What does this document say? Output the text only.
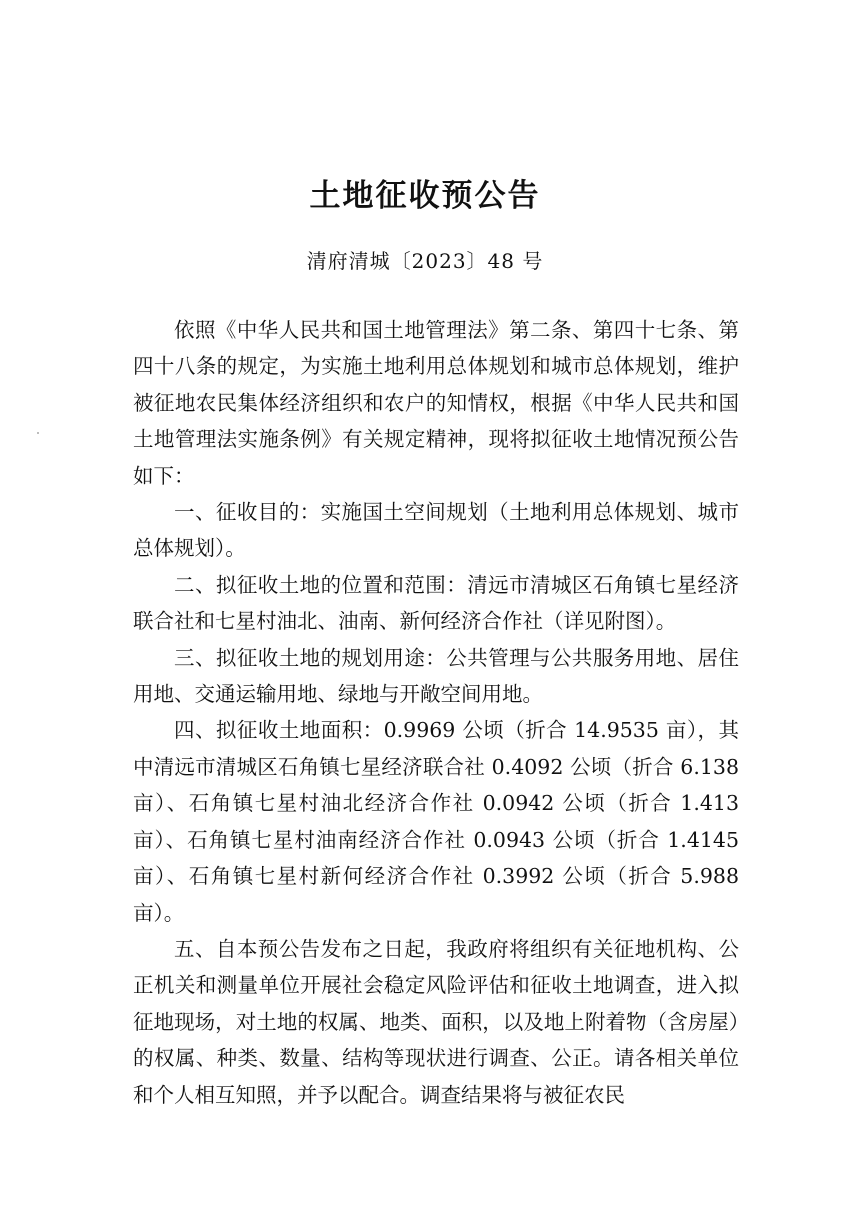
土地征收预公告
清府清城〔2023〕48 号

依照《中华人民共和国土地管理法》第二条、第四十七条、第四十八条的规定，为实施土地利用总体规划和城市总体规划，维护被征地农民集体经济组织和农户的知情权，根据《中华人民共和国土地管理法实施条例》有关规定精神，现将拟征收土地情况预公告如下：

一、征收目的：实施国土空间规划（土地利用总体规划、城市总体规划）。

二、拟征收土地的位置和范围：清远市清城区石角镇七星经济联合社和七星村油北、油南、新何经济合作社（详见附图）。

三、拟征收土地的规划用途：公共管理与公共服务用地、居住用地、交通运输用地、绿地与开敞空间用地。

四、拟征收土地面积：0.9969 公顷（折合 14.9535 亩），其中清远市清城区石角镇七星经济联合社 0.4092 公顷（折合 6.138 亩）、石角镇七星村油北经济合作社 0.0942 公顷（折合 1.413 亩）、石角镇七星村油南经济合作社 0.0943 公顷（折合 1.4145 亩）、石角镇七星村新何经济合作社 0.3992 公顷（折合 5.988 亩）。

五、自本预公告发布之日起，我政府将组织有关征地机构、公正机关和测量单位开展社会稳定风险评估和征收土地调查，进入拟征地现场，对土地的权属、地类、面积，以及地上附着物（含房屋）的权属、种类、数量、结构等现状进行调查、公正。请各相关单位和个人相互知照，并予以配合。调查结果将与被征农民
